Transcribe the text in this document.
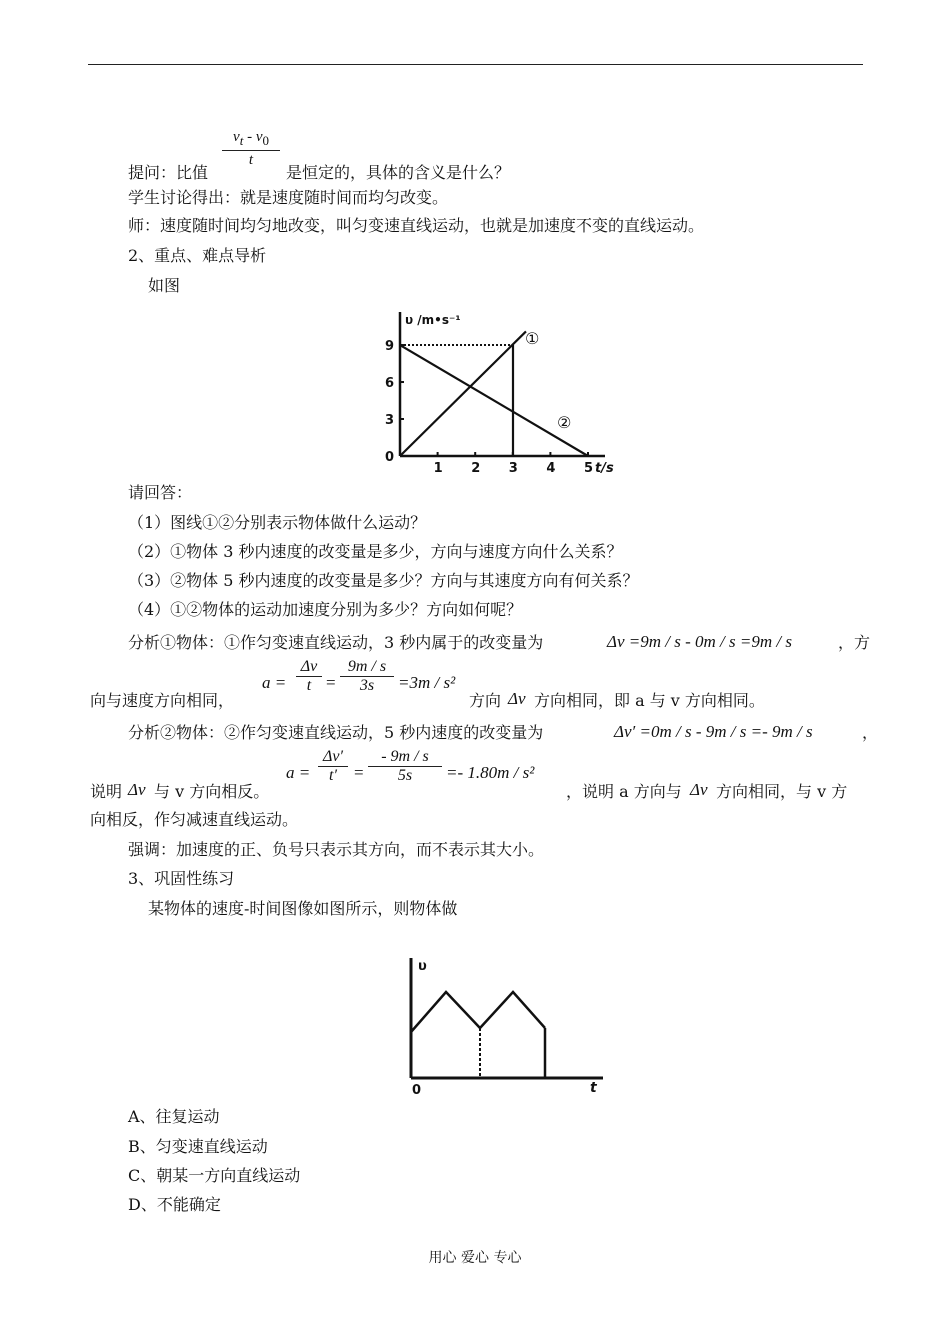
$v_t - v_0$
t
提问：比值	是恒定的，具体的含义是什么？
学生讨论得出：就是速度随时间而均匀改变。
师：速度随时间均匀地改变，叫匀变速直线运动，也就是加速度不变的直线运动。
2、重点、难点导析
如图
υ /m•s⁻¹
t/s
0
3
6
9
1 2 3 4 5
①
②
请回答：
（1）图线①②分别表示物体做什么运动？
（2）①物体 3 秒内速度的改变量是多少，方向与速度方向什么关系？
（3）②物体 5 秒内速度的改变量是多少？方向与其速度方向有何关系？
（4）①②物体的运动加速度分别为多少？方向如何呢？
分析①物体：①作匀变速直线运动，3 秒内属于的改变量为	Δv =9m / s - 0m / s =9m / s	，方
向与速度方向相同，
a =
Δv
t =
9m / s
3s	=3m / s²
方向 Δv 方向相同，即 a 与 v 方向相同。
分析②物体：②作匀变速直线运动，5 秒内速度的改变量为	Δv′ =0m / s - 9m / s =- 9m / s	，
说明 Δv 与 v 方向相反。
a =
Δv′
t′	=
- 9m / s
5s	=- 1.80m / s²
，说明 a 方向与 Δv 方向相同，与 v 方
向相反，作匀减速直线运动。
强调：加速度的正、负号只表示其方向，而不表示其大小。
3、巩固性练习
某物体的速度-时间图像如图所示，则物体做
υ
t
0
A、往复运动
B、匀变速直线运动
C、朝某一方向直线运动
D、不能确定
用心 爱心 专心
